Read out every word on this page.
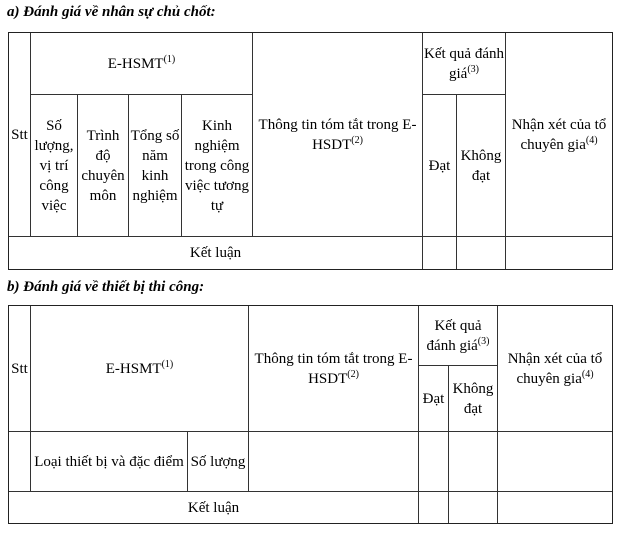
a) Đánh giá về nhân sự chủ chốt:
Stt
E-HSMT$^{(1)}$
Số lượng, vị trí công việc
Trình độ chuyên môn
Tổng số năm kinh nghiệm
Kinh nghiệm trong công việc tương tự
Thông tin tóm tắt trong E-HSDT$^{(2)}$
Kết quả đánh giá$^{(3)}$
Đạt
Không đạt
Nhận xét của tổ chuyên gia$^{(4)}$
Kết luận
b) Đánh giá về thiết bị thi công:
Stt	E-HSMT$^{(1)}$	Thông tin tóm tắt trong E-HSDT$^{(2)}$
Kết quả đánh giá$^{(3)}$
Đạt
Không đạt
Nhận xét của tổ chuyên gia$^{(4)}$
Loại thiết bị và đặc điểm Số lượng
Kết luận
